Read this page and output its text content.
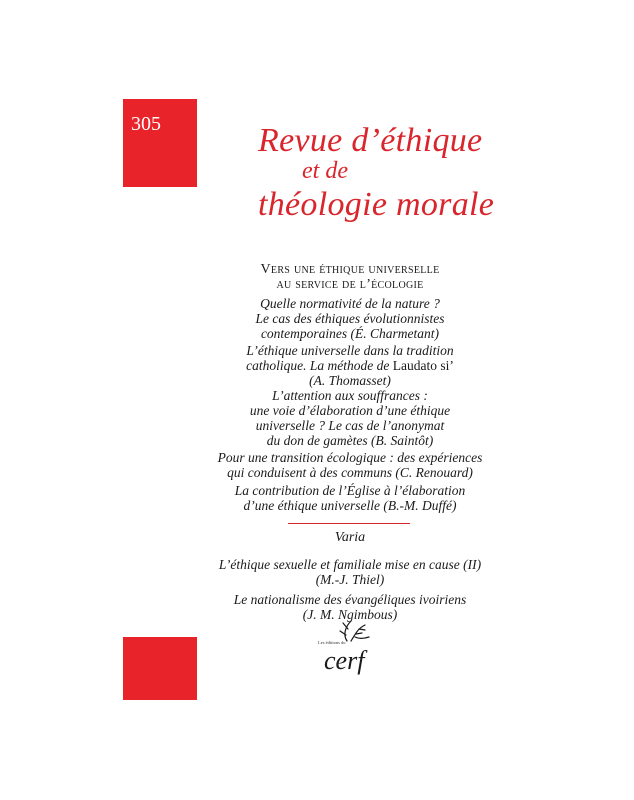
305	Revue d’éthique
et de
théologie morale
Vers une éthique universelle
au service de l’écologie
Quelle normativité de la nature ?
Le cas des éthiques évolutionnistes
contemporaines (É. Charmetant)
L’éthique universelle dans la tradition
catholique. La méthode de Laudato si’
(A. Thomasset)
L’attention aux souffrances :
une voie d’élaboration d’une éthique
universelle ? Le cas de l’anonymat
du don de gamètes (B. Saintôt)
Pour une transition écologique : des expériences
qui conduisent à des communs (C. Renouard)
La contribution de l’Église à l’élaboration
d’une éthique universelle (B.-M. Duffé)
Varia
L’éthique sexuelle et familiale mise en cause (II)
(M.-J. Thiel)
Le nationalisme des évangéliques ivoiriens
(J. M. Ngimbous)
Les éditions du
cerf
